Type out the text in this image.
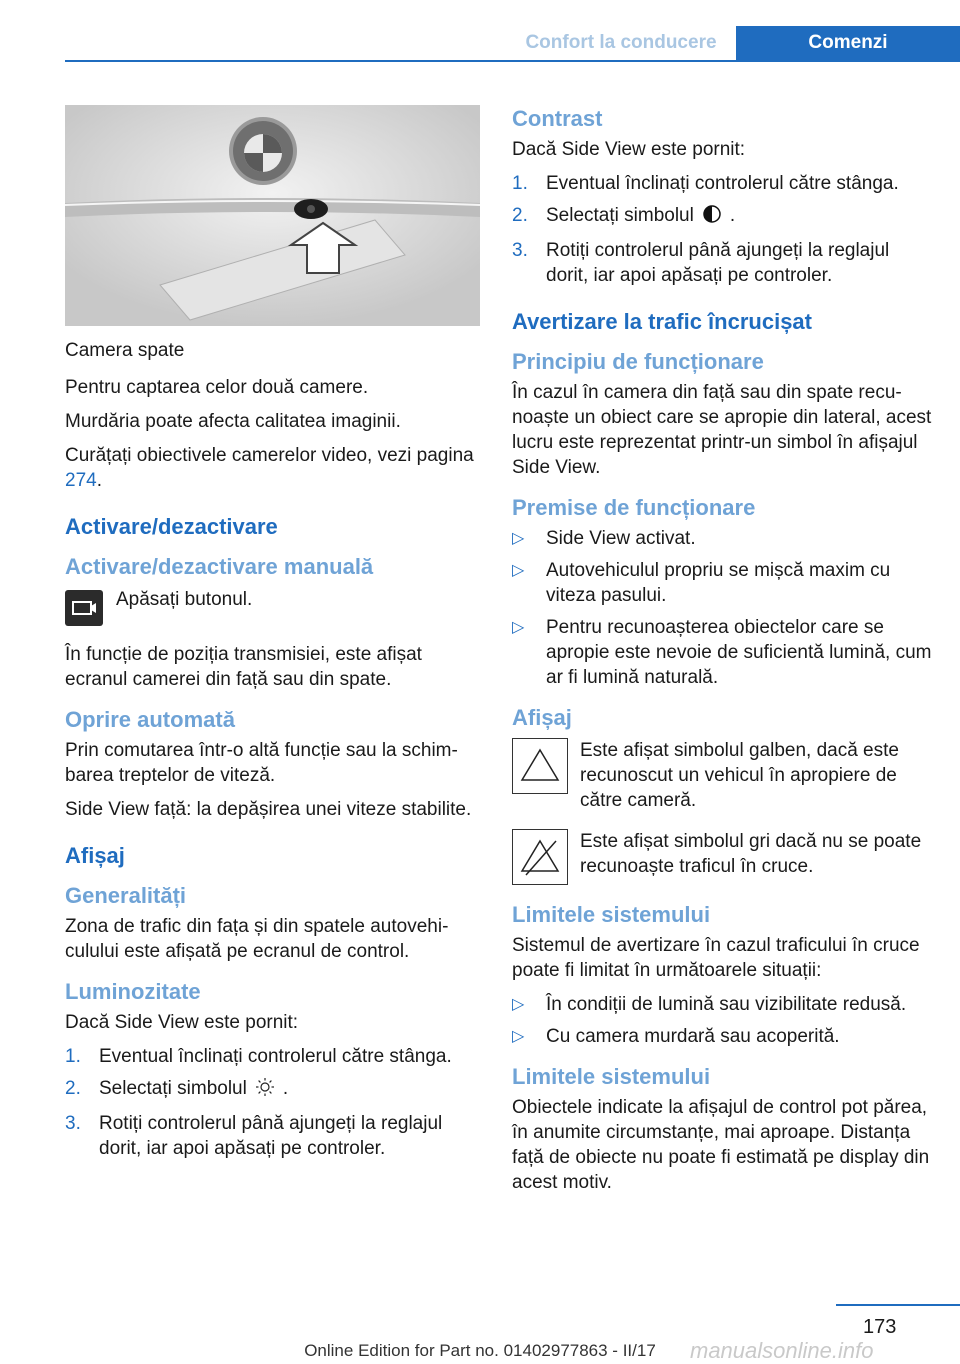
Confort la conducere	Comenzi

Camera spate

Pentru captarea celor două camere.

Murdăria poate afecta calitatea imaginii.

Curățați obiectivele camerelor video, vezi pagina 274.

Activare/dezactivare
Activare/dezactivare manuală

Apăsați butonul.

În funcție de poziția transmisiei, este afișat ecranul camerei din față sau din spate.

Oprire automată

Prin comutarea într-o altă funcție sau la schimbarea treptelor de viteză.

Side View față: la depășirea unei viteze stabilite.

Afișaj
Generalități

Zona de trafic din fața și din spatele autovehiculului este afișată pe ecranul de control.

Luminozitate

Dacă Side View este pornit:

1. Eventual înclinați controlerul către stânga.
2. Selectați simbolul .
3. Rotiți controlerul până ajungeți la reglajul dorit, iar apoi apăsați pe controler.
Contrast

Dacă Side View este pornit:

1. Eventual înclinați controlerul către stânga.
2. Selectați simbolul .
3. Rotiți controlerul până ajungeți la reglajul dorit, iar apoi apăsați pe controler.
Avertizare la trafic încrucișat
Principiu de funcționare

În cazul în camera din față sau din spate recunoaște un obiect care se apropie din lateral, acest lucru este reprezentat printr-un simbol în afișajul Side View.

Premise de funcționare
▷ Side View activat.
▷ Autovehiculul propriu se mișcă maxim cu viteza pasului.
▷ Pentru recunoașterea obiectelor care se apropie este nevoie de suficientă lumină, cum ar fi lumină naturală.
Afișaj

Este afișat simbolul galben, dacă este recunoscut un vehicul în apropiere de către cameră.

Este afișat simbolul gri dacă nu se poate recunoaște traficul în cruce.

Limitele sistemului

Sistemul de avertizare în cazul traficului în cruce poate fi limitat în următoarele situații:

▷ În condiții de lumină sau vizibilitate redusă.
▷ Cu camera murdară sau acoperită.
Limitele sistemului

Obiectele indicate la afișajul de control pot părea, în anumite circumstanțe, mai aproape. Distanța față de obiecte nu poate fi estimată pe display din acest motiv.

173
manualsonline.info
Online Edition for Part no. 01402977863 - II/17
